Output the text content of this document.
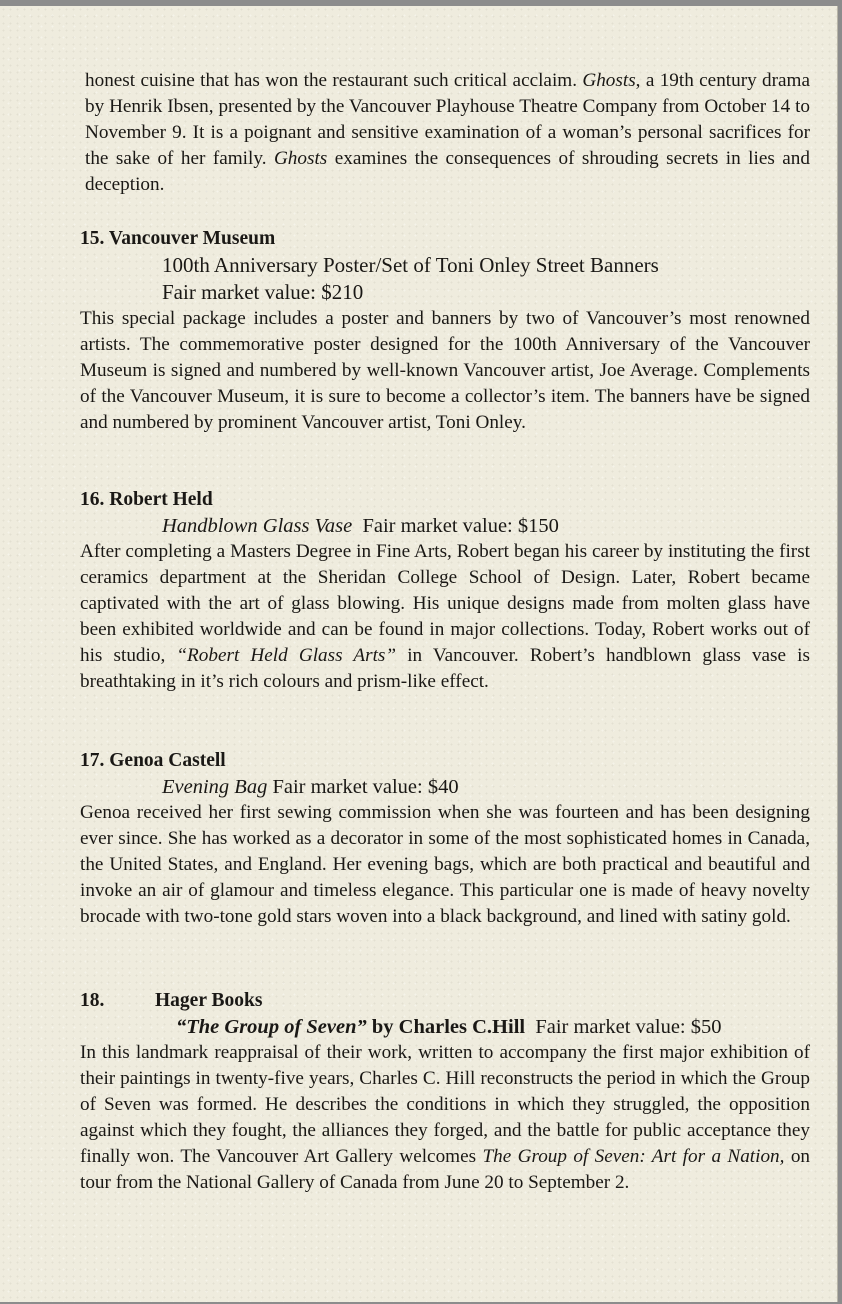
honest cuisine that has won the restaurant such critical acclaim. Ghosts, a 19th century drama by Henrik Ibsen, presented by the Vancouver Playhouse Theatre Company from October 14 to November 9. It is a poignant and sensitive examination of a woman’s personal sacrifices for the sake of her family. Ghosts examines the consequences of shrouding secrets in lies and deception.

15. Vancouver Museum
100th Anniversary Poster/Set of Toni Onley Street Banners
Fair market value: $210

This special package includes a poster and banners by two of Vancouver’s most renowned artists. The commemorative poster designed for the 100th Anniversary of the Vancouver Museum is signed and numbered by well-known Vancouver artist, Joe Average. Complements of the Vancouver Museum, it is sure to become a collector’s item. The banners have be signed and numbered by prominent Vancouver artist, Toni Onley.

16. Robert Held
Handblown Glass Vase Fair market value: $150

After completing a Masters Degree in Fine Arts, Robert began his career by instituting the first ceramics department at the Sheridan College School of Design. Later, Robert became captivated with the art of glass blowing. His unique designs made from molten glass have been exhibited worldwide and can be found in major collections. Today, Robert works out of his studio, “Robert Held Glass Arts” in Vancouver. Robert’s handblown glass vase is breathtaking in it’s rich colours and prism-like effect.

17. Genoa Castell
Evening Bag Fair market value: $40

Genoa received her first sewing commission when she was fourteen and has been designing ever since. She has worked as a decorator in some of the most sophisticated homes in Canada, the United States, and England. Her evening bags, which are both practical and beautiful and invoke an air of glamour and timeless elegance. This particular one is made of heavy novelty brocade with two-tone gold stars woven into a black background, and lined with satiny gold.

18.	Hager Books
“The Group of Seven” by Charles C.Hill Fair market value: $50

In this landmark reappraisal of their work, written to accompany the first major exhibition of their paintings in twenty-five years, Charles C. Hill reconstructs the period in which the Group of Seven was formed. He describes the conditions in which they struggled, the opposition against which they fought, the alliances they forged, and the battle for public acceptance they finally won. The Vancouver Art Gallery welcomes The Group of Seven: Art for a Nation, on tour from the National Gallery of Canada from June 20 to September 2.
